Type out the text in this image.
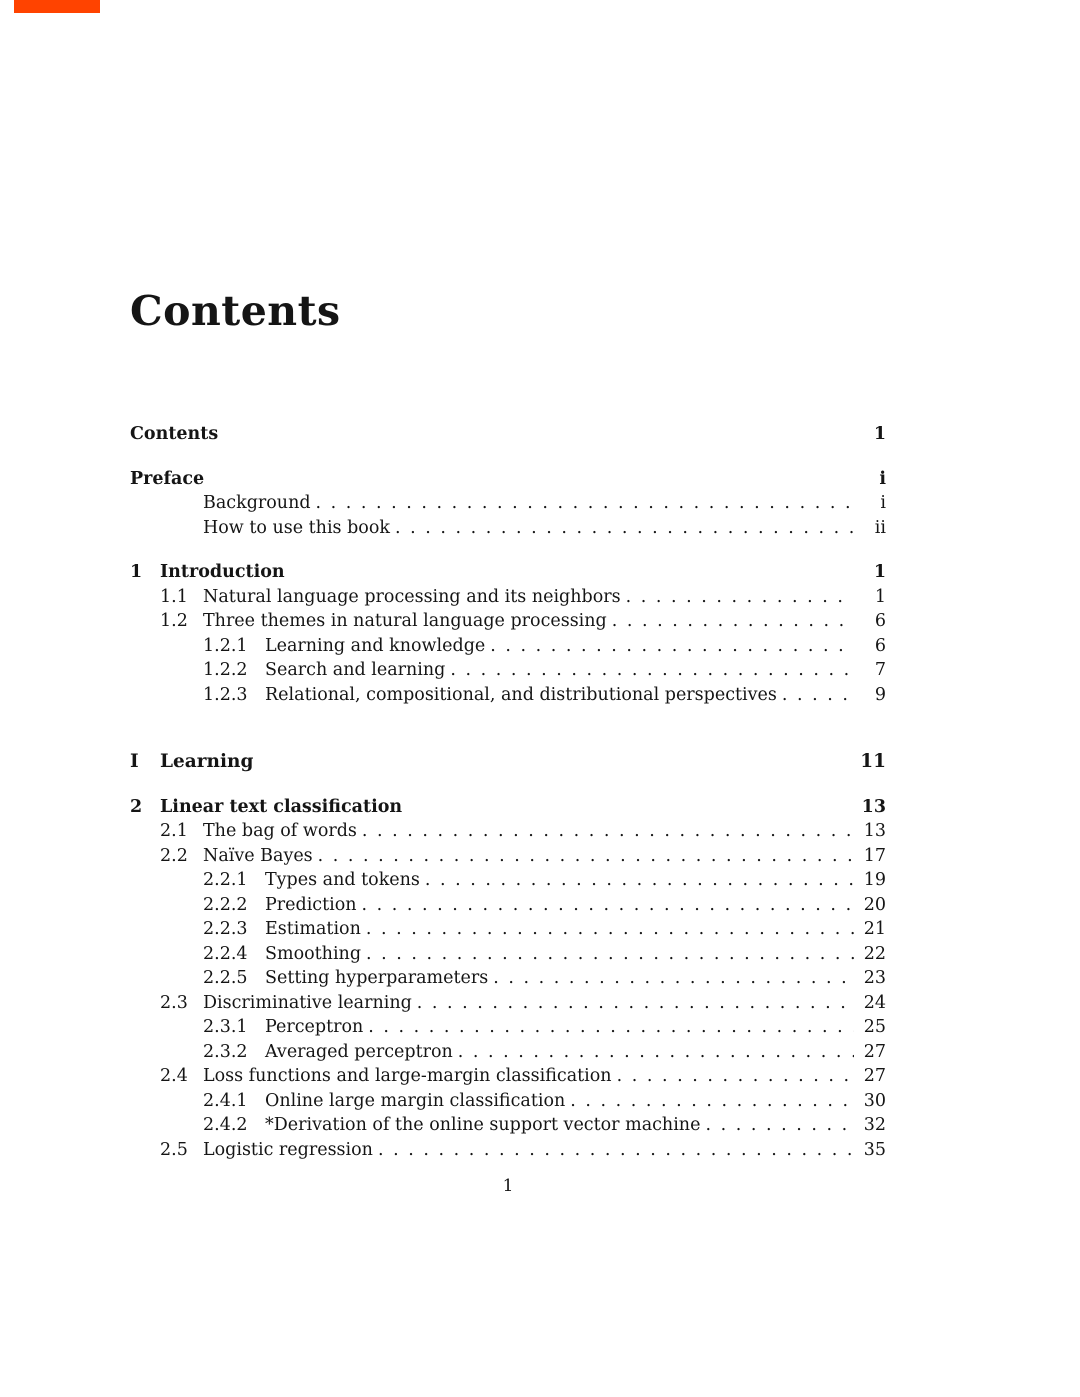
Contents
Contents	1
Preface	i
Background . . .	i
How to use this book . . .	ii
1	Introduction	1
1.1 Natural language processing and its neighbors . . .	1
1.2 Three themes in natural language processing . . .	6
1.2.1 Learning and knowledge . . .	6
1.2.2 Search and learning . . .	7
1.2.3 Relational, compositional, and distributional perspectives . . .	9
I	Learning	11
2	Linear text classification	13
2.1 The bag of words . . .	13
2.2 Naïve Bayes . . .	17
2.2.1 Types and tokens . . .	19
2.2.2 Prediction . . .	20
2.2.3 Estimation . . .	21
2.2.4 Smoothing . . .	22
2.2.5 Setting hyperparameters . . .	23
2.3 Discriminative learning . . .	24
2.3.1 Perceptron . . .	25
2.3.2 Averaged perceptron . . .	27
2.4 Loss functions and large-margin classification . . .	27
2.4.1 Online large margin classification . . .	30
2.4.2 *Derivation of the online support vector machine . . .	32
2.5 Logistic regression . . .	35
1
